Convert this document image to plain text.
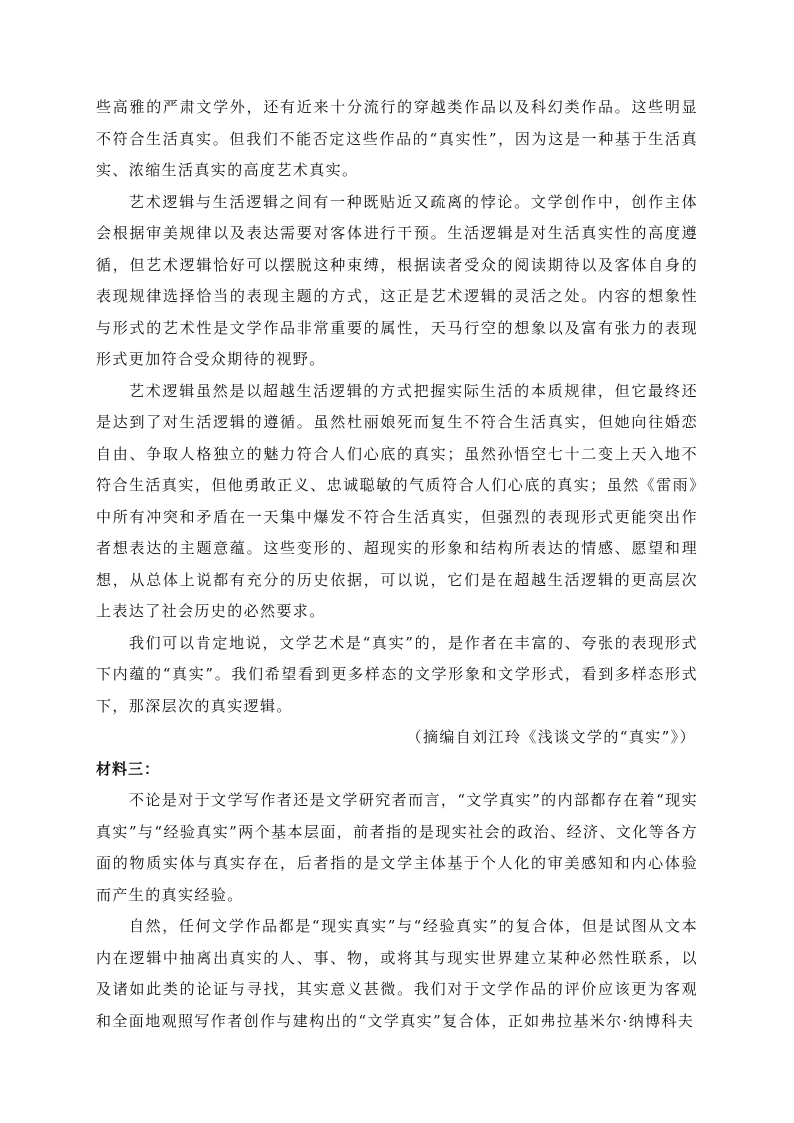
些高雅的严肃文学外，还有近来十分流行的穿越类作品以及科幻类作品。这些明显不符合生活真实。但我们不能否定这些作品的“真实性”，因为这是一种基于生活真实、浓缩生活真实的高度艺术真实。

艺术逻辑与生活逻辑之间有一种既贴近又疏离的悖论。文学创作中，创作主体会根据审美规律以及表达需要对客体进行干预。生活逻辑是对生活真实性的高度遵循，但艺术逻辑恰好可以摆脱这种束缚，根据读者受众的阅读期待以及客体自身的表现规律选择恰当的表现主题的方式，这正是艺术逻辑的灵活之处。内容的想象性与形式的艺术性是文学作品非常重要的属性，天马行空的想象以及富有张力的表现形式更加符合受众期待的视野。

艺术逻辑虽然是以超越生活逻辑的方式把握实际生活的本质规律，但它最终还是达到了对生活逻辑的遵循。虽然杜丽娘死而复生不符合生活真实，但她向往婚恋自由、争取人格独立的魅力符合人们心底的真实；虽然孙悟空七十二变上天入地不符合生活真实，但他勇敢正义、忠诚聪敏的气质符合人们心底的真实；虽然《雷雨》中所有冲突和矛盾在一天集中爆发不符合生活真实，但强烈的表现形式更能突出作者想表达的主题意蕴。这些变形的、超现实的形象和结构所表达的情感、愿望和理想，从总体上说都有充分的历史依据，可以说，它们是在超越生活逻辑的更高层次上表达了社会历史的必然要求。

我们可以肯定地说，文学艺术是“真实”的，是作者在丰富的、夸张的表现形式下内蕴的“真实”。我们希望看到更多样态的文学形象和文学形式，看到多样态形式下，那深层次的真实逻辑。

（摘编自刘江玲《浅谈文学的“真实”》）

材料三：

不论是对于文学写作者还是文学研究者而言，“文学真实”的内部都存在着“现实真实”与“经验真实”两个基本层面，前者指的是现实社会的政治、经济、文化等各方面的物质实体与真实存在，后者指的是文学主体基于个人化的审美感知和内心体验而产生的真实经验。

自然，任何文学作品都是“现实真实”与“经验真实”的复合体，但是试图从文本内在逻辑中抽离出真实的人、事、物，或将其与现实世界建立某种必然性联系，以及诸如此类的论证与寻找，其实意义甚微。我们对于文学作品的评价应该更为客观和全面地观照写作者创作与建构出的“文学真实”复合体，正如弗拉基米尔·纳博科夫
